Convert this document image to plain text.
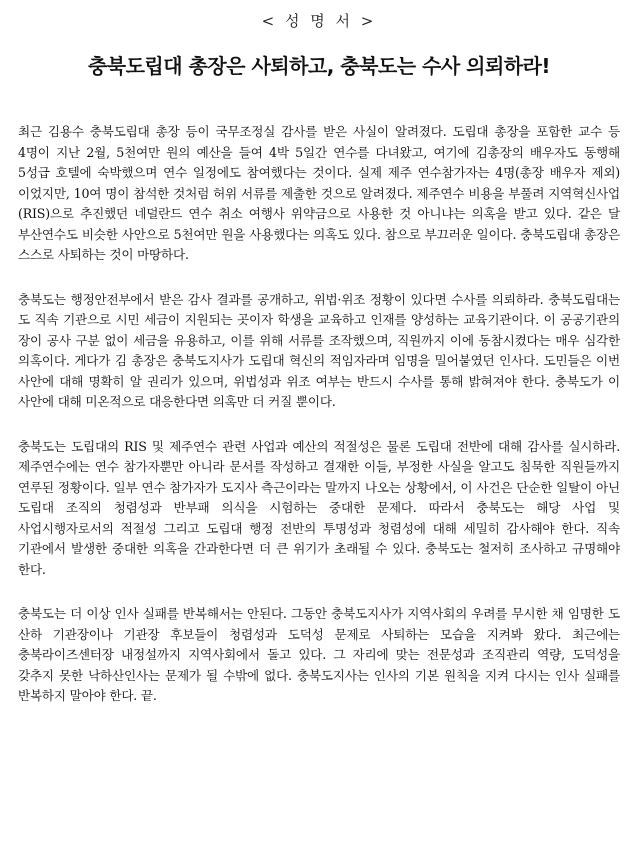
< 성 명 서 >

충북도립대 총장은 사퇴하고, 충북도는 수사 의뢰하라!

최근 김용수 충북도립대 총장 등이 국무조정실 감사를 받은 사실이 알려졌다. 도립대 총장을 포함한 교수 등 4명이 지난 2월, 5천여만 원의 예산을 들여 4박 5일간 연수를 다녀왔고, 여기에 김총장의 배우자도 동행해 5성급 호텔에 숙박했으며 연수 일정에도 참여했다는 것이다. 실제 제주 연수참가자는 4명(총장 배우자 제외)이었지만, 10여 명이 참석한 것처럼 허위 서류를 제출한 것으로 알려졌다. 제주연수 비용을 부풀려 지역혁신사업(RIS)으로 추진했던 네덜란드 연수 취소 여행사 위약금으로 사용한 것 아니냐는 의혹을 받고 있다. 같은 달 부산연수도 비슷한 사안으로 5천여만 원을 사용했다는 의혹도 있다. 참으로 부끄러운 일이다. 충북도립대 총장은 스스로 사퇴하는 것이 마땅하다.

충북도는 행정안전부에서 받은 감사 결과를 공개하고, 위법·위조 정황이 있다면 수사를 의뢰하라. 충북도립대는 도 직속 기관으로 시민 세금이 지원되는 곳이자 학생을 교육하고 인재를 양성하는 교육기관이다. 이 공공기관의 장이 공사 구분 없이 세금을 유용하고, 이를 위해 서류를 조작했으며, 직원까지 이에 동참시켰다는 매우 심각한 의혹이다. 게다가 김 총장은 충북도지사가 도립대 혁신의 적임자라며 임명을 밀어붙였던 인사다. 도민들은 이번 사안에 대해 명확히 알 권리가 있으며, 위법성과 위조 여부는 반드시 수사를 통해 밝혀져야 한다. 충북도가 이 사안에 대해 미온적으로 대응한다면 의혹만 더 커질 뿐이다.

충북도는 도립대의 RIS 및 제주연수 관련 사업과 예산의 적절성은 물론 도립대 전반에 대해 감사를 실시하라. 제주연수에는 연수 참가자뿐만 아니라 문서를 작성하고 결재한 이들, 부정한 사실을 알고도 침묵한 직원들까지 연루된 정황이다. 일부 연수 참가자가 도지사 측근이라는 말까지 나오는 상황에서, 이 사건은 단순한 일탈이 아닌 도립대 조직의 청렴성과 반부패 의식을 시험하는 중대한 문제다. 따라서 충북도는 해당 사업 및 사업시행자로서의 적절성 그리고 도립대 행정 전반의 투명성과 청렴성에 대해 세밀히 감사해야 한다. 직속 기관에서 발생한 중대한 의혹을 간과한다면 더 큰 위기가 초래될 수 있다. 충북도는 철저히 조사하고 규명해야 한다.

충북도는 더 이상 인사 실패를 반복해서는 안된다. 그동안 충북도지사가 지역사회의 우려를 무시한 채 임명한 도 산하 기관장이나 기관장 후보들이 청렴성과 도덕성 문제로 사퇴하는 모습을 지켜봐 왔다. 최근에는 충북라이즈센터장 내정설까지 지역사회에서 돌고 있다. 그 자리에 맞는 전문성과 조직관리 역량, 도덕성을 갖추지 못한 낙하산인사는 문제가 될 수밖에 없다. 충북도지사는 인사의 기본 원칙을 지켜 다시는 인사 실패를 반복하지 말아야 한다. 끝.
